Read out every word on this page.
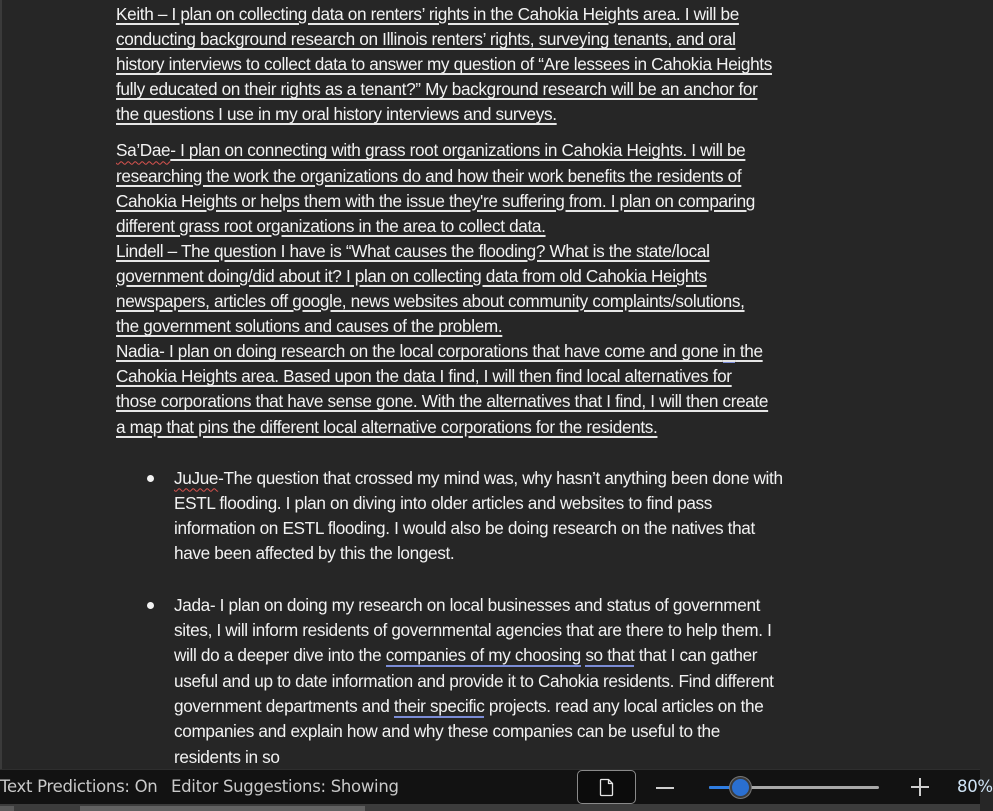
Keith – I plan on collecting data on renters’ rights in the Cahokia Heights area. I will be
conducting background research on Illinois renters’ rights, surveying tenants, and oral
history interviews to collect data to answer my question of “Are lessees in Cahokia Heights
fully educated on their rights as a tenant?” My background research will be an anchor for
the questions I use in my oral history interviews and surveys.

Sa’Dae- I plan on connecting with grass root organizations in Cahokia Heights. I will be
researching the work the organizations do and how their work benefits the residents of
Cahokia Heights or helps them with the issue they're suffering from. I plan on comparing
different grass root organizations in the area to collect data.

Lindell – The question I have is “What causes the flooding? What is the state/local
government doing/did about it? I plan on collecting data from old Cahokia Heights
newspapers, articles off google, news websites about community complaints/solutions,
the government solutions and causes of the problem.

Nadia- I plan on doing research on the local corporations that have come and gone in the
Cahokia Heights area. Based upon the data I find, I will then find local alternatives for
those corporations that have sense gone. With the alternatives that I find, I will then create
a map that pins the different local alternative corporations for the residents.

JuJue-The question that crossed my mind was, why hasn’t anything been done with
ESTL flooding. I plan on diving into older articles and websites to find pass
information on ESTL flooding. I would also be doing research on the natives that
have been affected by this the longest.
Jada- I plan on doing my research on local businesses and status of government
sites, I will inform residents of governmental agencies that are there to help them. I
will do a deeper dive into the companies of my choosing so that that I can gather
useful and up to date information and provide it to Cahokia residents. Find different
government departments and their specific projects. read any local articles on the
companies and explain how and why these companies can be useful to the
residents in so
Text Predictions: On Editor Suggestions: Showing	80%
